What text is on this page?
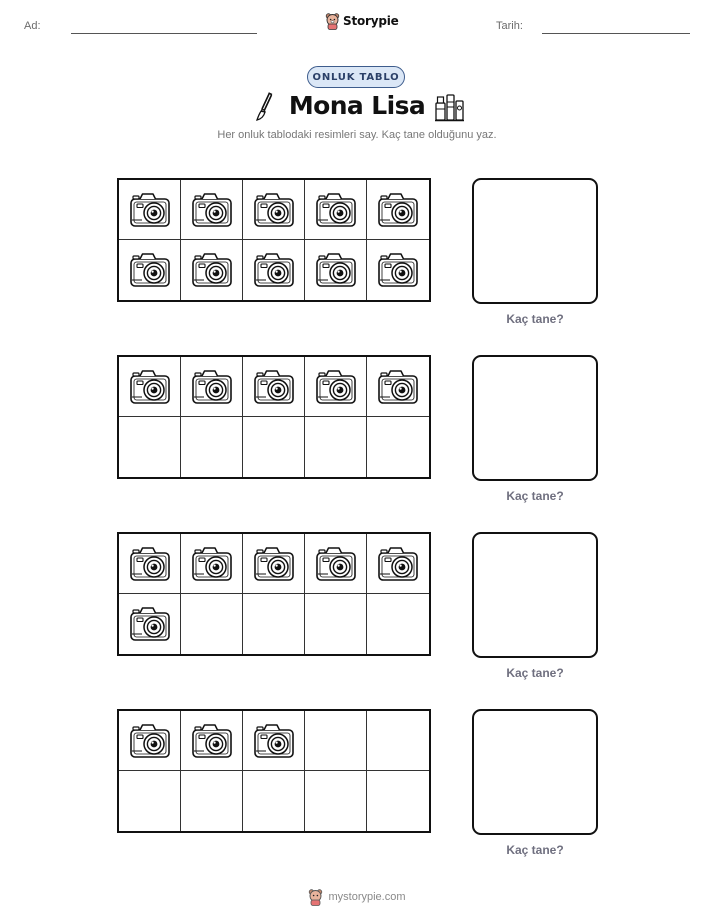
Ad:	Storypie	Tarih:
ONLUK TABLO
Mona Lisa
Her onluk tablodaki resimleri say. Kaç tane olduğunu yaz.
Kaç tane?
Kaç tane?
Kaç tane?
Kaç tane?
mystorypie.com
